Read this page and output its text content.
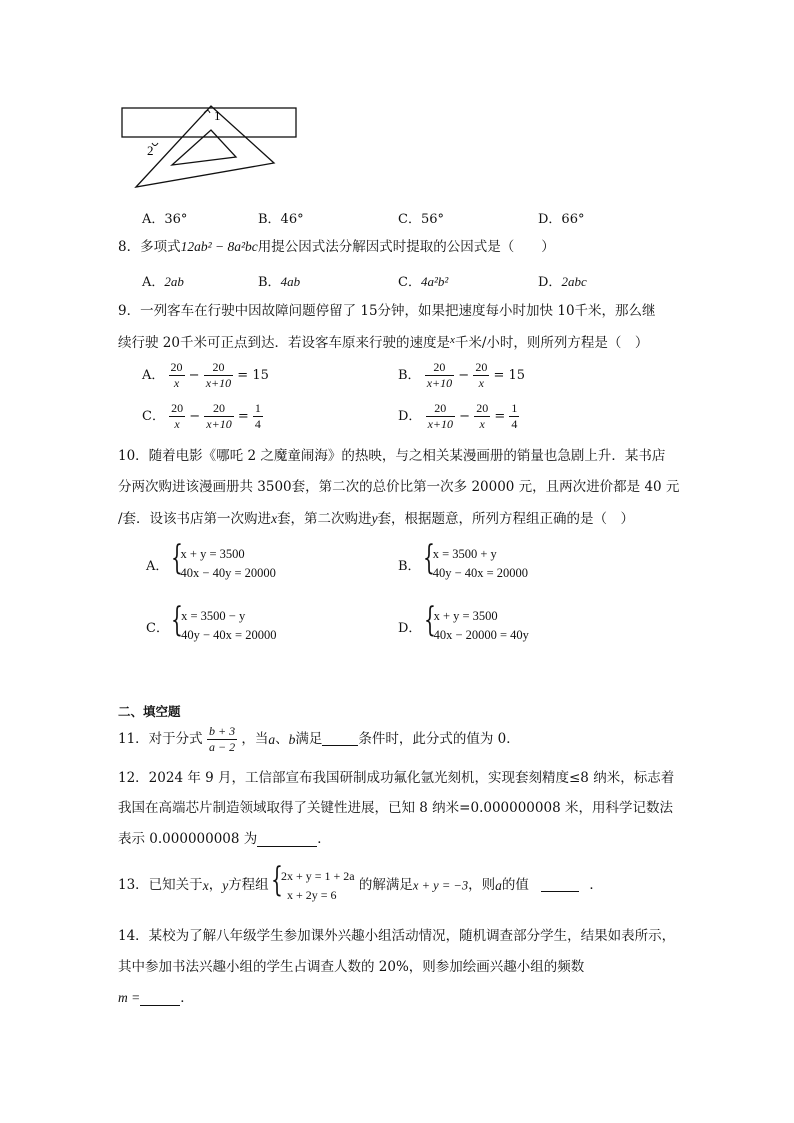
1
2
A．36°	B．46°	C．56°	D．66°
8．多项式12ab² − 8a²bc用提公因式法分解因式时提取的公因式是（　　）
A．2ab	B．4ab	C．4a²b²	D．2abc
9．一列客车在行驶中因故障问题停留了 15分钟，如果把速度每小时加快 10千米，那么继
续行驶 20千米可正点到达．若设客车原来行驶的速度是$^x$千米/小时，则所列方程是（　）
A． $\frac{20}{x} - \frac{20}{x+10} = 15$	B． $\frac{20}{x+10} - \frac{20}{x} = 15$
C． $\frac{20}{x} - \frac{20}{x+10} = \frac{1}{4}$	D． $\frac{20}{x+10} - \frac{20}{x} = \frac{1}{4}$
10．随着电影《哪吒 2 之魔童闹海》的热映，与之相关某漫画册的销量也急剧上升．某书店
分两次购进该漫画册共 3500套，第二次的总价比第一次多 20000 元，且两次进价都是 40 元
/套．设该书店第一次购进x套，第二次购进y套，根据题意，所列方程组正确的是（　）
A．
{ x + y = 3500
40x − 40y = 20000	B．
{ x = 3500 + y
40y − 40x = 20000
C．
{ x = 3500 − y
40y − 40x = 20000	D．
{ x + y = 3500
40x − 20000 = 40y
二、填空题
11．对于分式 $\frac{b + 3}{a - 2}$ ，当a、b满足	条件时，此分式的值为 0．
12．2024 年 9 月，工信部宣布我国研制成功氟化氩光刻机，实现套刻精度≤8 纳米，标志着
我国在高端芯片制造领域取得了关键性进展，已知 8 纳米=0.000000008 米，用科学记数法
表示 0.000000008 为	．
13．已知关于x，y方程组
{ 2x + y = 1 + 2a
x + 2y = 6
的解满足x + y = −3，则a的值	．
14．某校为了解八年级学生参加课外兴趣小组活动情况，随机调查部分学生，结果如表所示，
其中参加书法兴趣小组的学生占调查人数的 20%，则参加绘画兴趣小组的频数
m =	．
